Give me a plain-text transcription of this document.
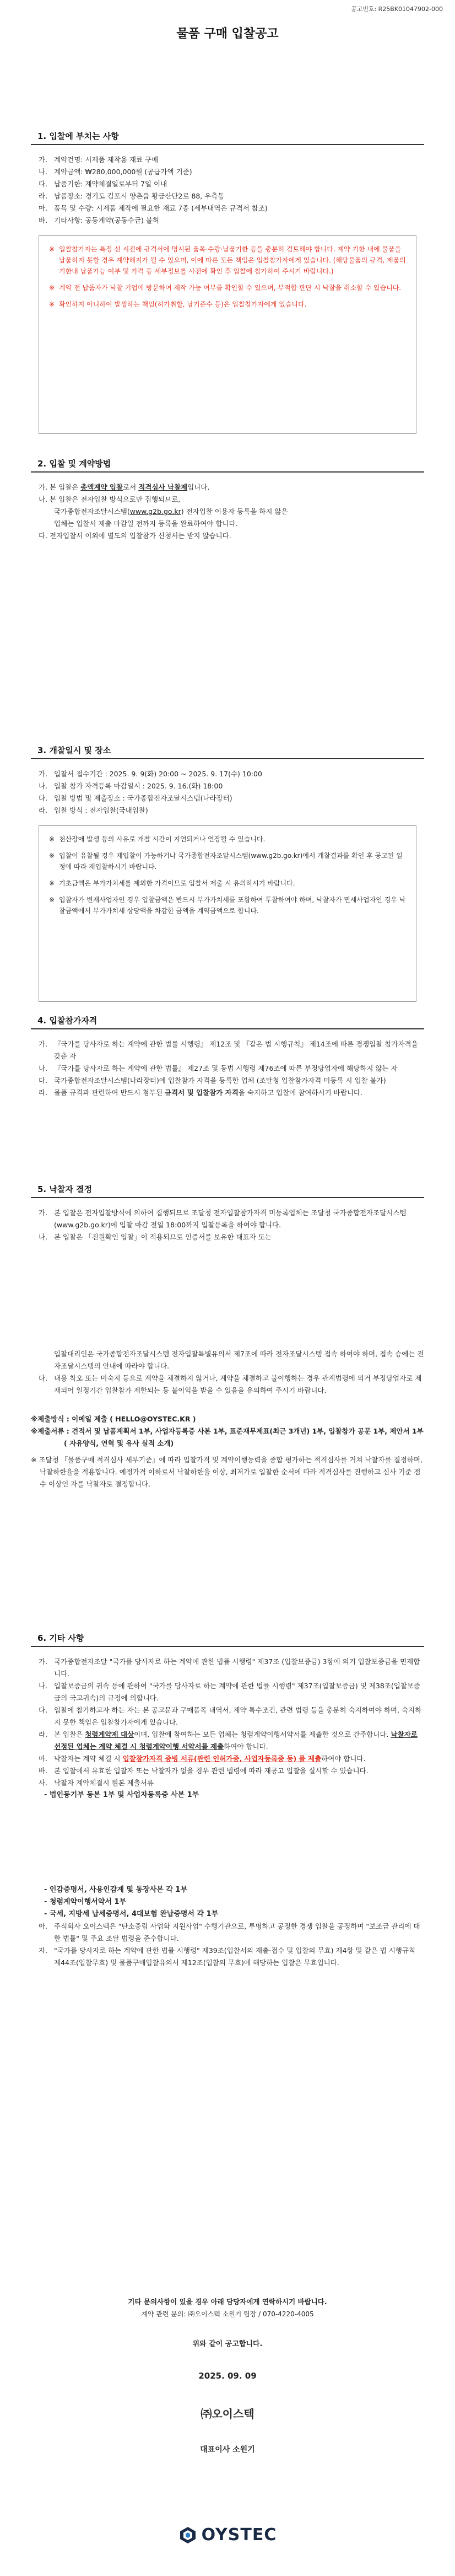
공고번호: R25BK01047902-000
물품 구매 입찰공고
1. 입찰에 부치는 사항
가. 계약건명: 시제품 제작용 재료 구매
나. 계약금액: ₩280,000,000원 (공급가액 기준)
다. 납품기한: 계약체결일로부터 7일 이내
라. 납품장소: 경기도 김포시 양촌읍 황금산단2로 88, 우측동
마. 품목 및 수량: 시제품 제작에 필요한 재료 7종 (세부내역은 규격서 참조)
바. 기타사항: 공동계약(공동수급) 불허
※ 입찰참가자는 특정 선 시전에 규격서에 명시된 품목·수량·납품기한 등을 충분히 검토해야 합니다. 계약 기한 내에 물품을 납품하지 못할 경우 계약해지가 될 수 있으며, 이에 따른 모든 책임은 입찰참가자에게 있습니다. (해당물품의 규격, 제품의 기한내 납품가능 여부 및 가격 등 세부정보를 사전에 확인 후 입찰에 참가하여 주시기 바랍니다.)
※ 계약 전 납품자가 낙찰 기업에 방문하여 제작 가능 여부를 확인할 수 있으며, 부적합 판단 시 낙찰을 취소할 수 있습니다.
※ 확인하지 아니하여 발생하는 책임(허가취할, 납기준수 등)은 입찰참가자에게 있습니다.
2. 입찰 및 계약방법
가. 본 입찰은 총액계약 입찰로서 적격심사 낙찰제입니다.
나. 본 입찰은 전자입찰 방식으로만 집행되므로,
국가종합전자조달시스템(www.g2b.go.kr) 전자입찰 이용자 등록을 하지 않은
업체는 입찰서 제출 마감일 전까지 등록을 완료하여야 합니다.
다. 전자입찰서 이외에 별도의 입찰참가 신청서는 받지 않습니다.
3. 개찰일시 및 장소
가. 입찰서 접수기간 : 2025. 9. 9(화) 20:00 ~ 2025. 9. 17(수) 10:00
나. 입찰 참가 자격등록 마감일시 : 2025. 9. 16.(화) 18:00
다. 입찰 방법 및 제출장소 : 국가종합전자조달시스템(나라장터)
라. 입찰 방식 : 전자입찰(국내입찰)
※ 천산장애 발생 등의 사유로 개찰 시간이 지연되거나 연장될 수 있습니다.
※ 입찰이 유찰될 경우 재입찰이 가능하거나 국가종합전자조달시스템(www.g2b.go.kr)에서 개찰결과를 확인 후 공고된 일정에 따라 재입찰하시기 바랍니다.
※ 기초금액은 부가가치세를 제외한 가격이므로 입찰서 제출 시 유의하시기 바랍니다.
※ 입찰자가 변재사업자인 경우 입찰금액은 반드시 부가가치세를 포함하여 투찰하여야 하며, 낙찰자가 면세사업자인 경우 낙찰금액에서 부가가치세 상당액을 차감한 금액을 계약금액으로 합니다.
4. 입찰참가자격
가. 『국가를 당사자로 하는 계약에 관한 법률 시행령』 제12조 및 『같은 법 시행규칙』 제14조에 따른 경쟁입찰 참가자격을 갖춘 자
나. 『국가를 당사자로 하는 계약에 관한 법률』 제27조 및 동법 시행령 제76조에 따른 부정당업자에 해당하지 않는 자
다. 국가종합전자조달시스템(나라장터)에 입찰참가 자격을 등록한 업체 (조달청 입찰참가자격 미등록 시 입찰 불가)
라. 물품 규격과 관련하여 반드시 첨부된 규격서 및 입찰참가 자격을 숙지하고 입찰에 참여하시기 바랍니다.
5. 낙찰자 결정
가. 본 입찰은 전자입찰방식에 의하여 집행되므로 조달청 전자입찰참가자격 미등록업체는 조달청 국가종합전자조달시스템(www.g2b.go.kr)에 입찰 마감 전일 18:00까지 입찰등록을 하여야 합니다.
나. 본 입찰은 「진원확인 입찰」이 적용되므로 인증서를 보유한 대표자 또는
입찰대리인은 국가종합전자조달시스템 전자입찰특별유의서 제7조에 따라 전자조달시스템 접속 하여야 하며, 접속 승에는 전자조달시스템의 안내에 따라야 합니다.
다. 내용 착오 또는 미숙지 등으로 계약을 체결하지 않거나, 계약을 체결하고 불이행하는 경우 관계법령에 의거 부정당업자로 제재되어 일정기간 입찰참가 제한되는 등 불이익을 받을 수 있음을 유의하여 주시기 바랍니다.
※제출방식 : 이메일 제출 ( HELLO@OYSTEC.KR )
※제출서류 : 견적서 및 납품계획서 1부, 사업자등록증 사본 1부, 표준재무제표(최근 3개년) 1부, 입찰참가 공문 1부, 제안서 1부( 자유양식, 연혁 및 유사 실적 소개)
※ 조달청 『물품구매 적격심사 세부기준』에 따라 입찰가격 및 계약이행능력을 종합 평가하는 적격심사를 거쳐 낙찰자를 결정하며, 낙찰하한율을 적용합니다. 예정가격 이하로서 낙찰하한율 이상, 최저가로 입찰한 순서에 따라 적격심사를 진행하고 심사 기준 점수 이상인 자를 낙찰자로 결정합니다.
6. 기타 사항
가. 국가종합전자조달 "국가를 당사자로 하는 계약에 관한 법률 시행령" 제37조 (입찰보증금) 3항에 의거 입찰보증금을 면제합니다.
나. 입찰보증금의 귀속 등에 관하여 "국가를 당사자로 하는 계약에 관한 법률 시행령" 제37조(입찰보증금) 및 제38조(입찰보증금의 국고귀속)의 규정에 의합니다.
다. 입찰에 참가하고자 하는 자는 본 공고문과 구매품목 내역서, 계약 특수조건, 관련 법령 등을 충분히 숙지하여야 하며, 숙지하지 못한 책임은 입찰참가자에게 있습니다.
라. 본 입찰은 청렴계약제 대상이며, 입찰에 참여하는 모든 업체는 청렴계약이행서약서를 제출한 것으로 간주합니다. 낙찰자로 선정된 업체는 계약 체결 시 청렴계약이행 서약서를 제출하여야 합니다.
마. 낙찰자는 계약 체결 시 입찰참가자격 증빙 서류(관련 인허가증, 사업자등록증 등) 를 제출하여야 합니다.
바. 본 입찰에서 유효한 입찰자 또는 낙찰자가 없을 경우 관련 법령에 따라 재공고 입찰을 실시할 수 있습니다.
사. 낙찰자 계약체결시 원본 제출서류
- 법인등기부 등본 1부 및 사업자등록증 사본 1부
- 인감증명서, 사용인감계 및 통장사본 각 1부
- 청렴계약이행서약서 1부
- 국세, 지방세 납세증명서, 4대보험 완납증명서 각 1부
아. 주식회사 오이스텍은 "탄소중립 사업화 지원사업" 수행기관으로, 투명하고 공정한 경쟁 입찰을 공정하며 "보조금 관리에 대한 법률" 및 주요 조달 법령을 준수합니다.
자. "국가를 당사자로 하는 계약에 관한 법률 시행령" 제39조(입찰서의 제출·접수 및 입찰의 무효) 제4항 및 같은 법 시행규칙 제44조(입찰무효) 및 물품구매입찰유의서 제12조(입찰의 무효)에 해당하는 입찰은 무효입니다.
기타 문의사항이 있을 경우 아래 담당자에게 연락하시기 바랍니다.
계약 관련 문의: ㈜오이스텍 소원기 팀장 / 070-4220-4005
위와 같이 공고합니다.
2025. 09. 09
㈜오이스텍
대표이사 소원기
OYSTEC
